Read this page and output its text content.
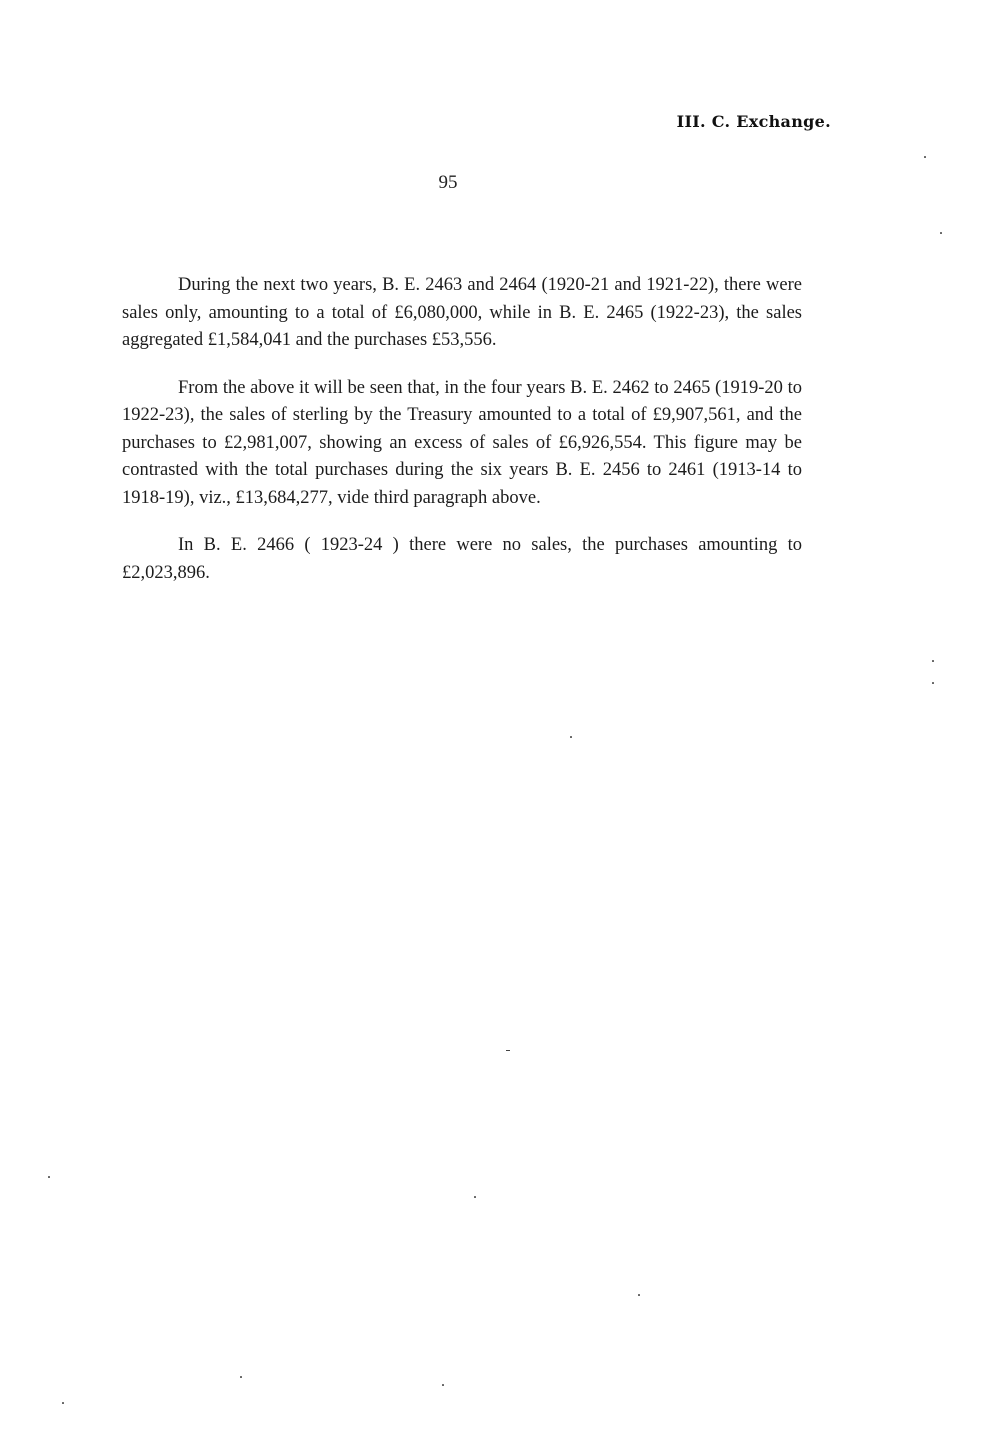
III. C. Exchange.

95

During the next two years, B. E. 2463 and 2464 (1920-21 and 1921-22), there were sales only, amounting to a total of £6,080,000, while in B. E. 2465 (1922-23), the sales aggregated £1,584,041 and the purchases £53,556.

From the above it will be seen that, in the four years B. E. 2462 to 2465 (1919-20 to 1922-23), the sales of sterling by the Treasury amounted to a total of £9,907,561, and the purchases to £2,981,007, showing an excess of sales of £6,926,554. This figure may be contrasted with the total purchases during the six years B. E. 2456 to 2461 (1913-14 to 1918-19), viz., £13,684,277, vide third paragraph above.

In B. E. 2466 ( 1923-24 ) there were no sales, the purchases amounting to £2,023,896.
